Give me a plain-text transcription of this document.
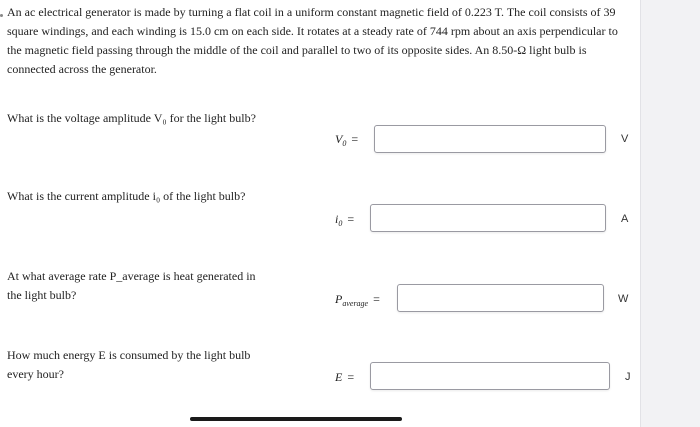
An ac electrical generator is made by turning a flat coil in a uniform constant magnetic field of 0.223 T. The coil consists of 39 square windings, and each winding is 15.0 cm on each side. It rotates at a steady rate of 744 rpm about an axis perpendicular to the magnetic field passing through the middle of the coil and parallel to two of its opposite sides. An 8.50-Ω light bulb is connected across the generator.

What is the voltage amplitude V₀ for the light bulb?

$V_0$ =	V

What is the current amplitude i₀ of the light bulb?

$i_0$ =	A

At what average rate P_average is heat generated in the light bulb?	$P_{average}$ =	W

How much energy E is consumed by the light bulb every hour?	E =	J
